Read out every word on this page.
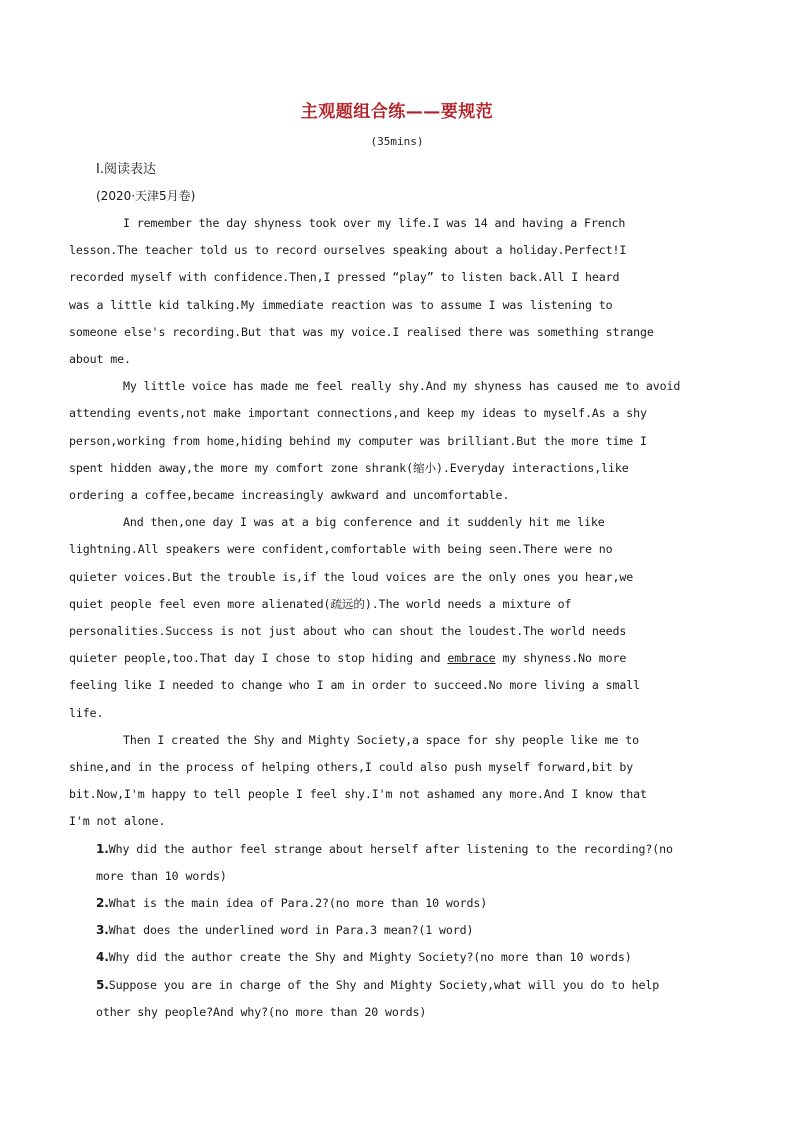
主观题组合练——要规范
(35mins)

Ⅰ.阅读表达

(2020·天津5月卷)

I remember the day shyness took over my life.I was 14 and having a French
lesson.The teacher told us to record ourselves speaking about a holiday.Perfect!I
recorded myself with confidence.Then,I pressed “play” to listen back.All I heard
was a little kid talking.My immediate reaction was to assume I was listening to
someone else's recording.But that was my voice.I realised there was something strange
about me.

My little voice has made me feel really shy.And my shyness has caused me to avoid
attending events,not make important connections,and keep my ideas to myself.As a shy
person,working from home,hiding behind my computer was brilliant.But the more time I
spent hidden away,the more my comfort zone shrank(缩小).Everyday interactions,like
ordering a coffee,became increasingly awkward and uncomfortable.

And then,one day I was at a big conference and it suddenly hit me like
lightning.All speakers were confident,comfortable with being seen.There were no
quieter voices.But the trouble is,if the loud voices are the only ones you hear,we
quiet people feel even more alienated(疏远的).The world needs a mixture of
personalities.Success is not just about who can shout the loudest.The world needs
quieter people,too.That day I chose to stop hiding and embrace my shyness.No more
feeling like I needed to change who I am in order to succeed.No more living a small
life.

Then I created the Shy and Mighty Society,a space for shy people like me to
shine,and in the process of helping others,I could also push myself forward,bit by
bit.Now,I'm happy to tell people I feel shy.I'm not ashamed any more.And I know that
I'm not alone.

1.Why did the author feel strange about herself after listening to the recording?(no

more than 10 words)

2.What is the main idea of Para.2?(no more than 10 words)

3.What does the underlined word in Para.3 mean?(1 word)

4.Why did the author create the Shy and Mighty Society?(no more than 10 words)

5.Suppose you are in charge of the Shy and Mighty Society,what will you do to help

other shy people?And why?(no more than 20 words)
